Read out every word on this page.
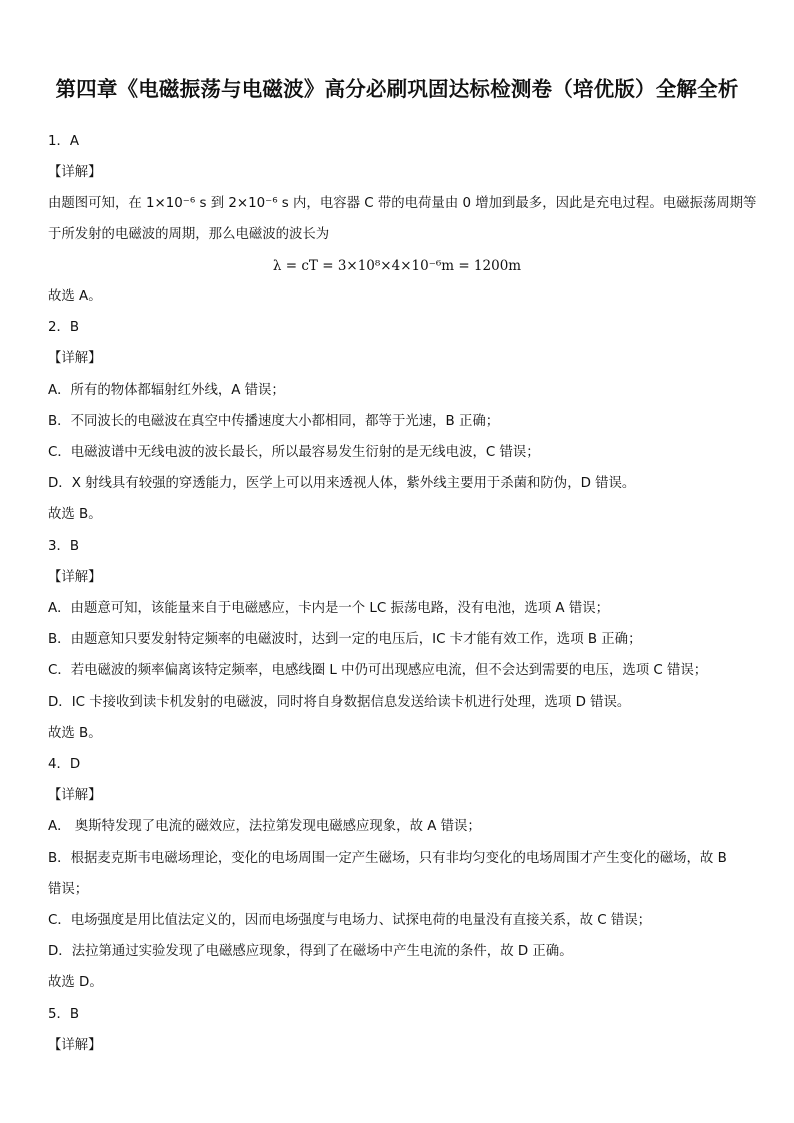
第四章《电磁振荡与电磁波》高分必刷巩固达标检测卷（培优版）全解全析
1．A
【详解】
由题图可知，在 1×10⁻⁶ s 到 2×10⁻⁶ s 内，电容器 C 带的电荷量由 0 增加到最多，因此是充电过程。电磁振荡周期等
于所发射的电磁波的周期，那么电磁波的波长为
λ = cT = 3×10⁸×4×10⁻⁶m = 1200m
故选 A。
2．B
【详解】
A．所有的物体都辐射红外线，A 错误；
B．不同波长的电磁波在真空中传播速度大小都相同，都等于光速，B 正确；
C．电磁波谱中无线电波的波长最长，所以最容易发生衍射的是无线电波，C 错误；
D．X 射线具有较强的穿透能力，医学上可以用来透视人体，紫外线主要用于杀菌和防伪，D 错误。
故选 B。
3．B
【详解】
A．由题意可知，该能量来自于电磁感应，卡内是一个 LC 振荡电路，没有电池，选项 A 错误；
B．由题意知只要发射特定频率的电磁波时，达到一定的电压后，IC 卡才能有效工作，选项 B 正确；
C．若电磁波的频率偏离该特定频率，电感线圈 L 中仍可出现感应电流，但不会达到需要的电压，选项 C 错误；
D．IC 卡接收到读卡机发射的电磁波，同时将自身数据信息发送给读卡机进行处理，选项 D 错误。
故选 B。
4．D
【详解】
A． 奥斯特发现了电流的磁效应，法拉第发现电磁感应现象，故 A 错误；
B．根据麦克斯韦电磁场理论，变化的电场周围一定产生磁场，只有非均匀变化的电场周围才产生变化的磁场，故 B
错误；
C．电场强度是用比值法定义的，因而电场强度与电场力、试探电荷的电量没有直接关系，故 C 错误；
D．法拉第通过实验发现了电磁感应现象，得到了在磁场中产生电流的条件，故 D 正确。
故选 D。
5．B
【详解】
